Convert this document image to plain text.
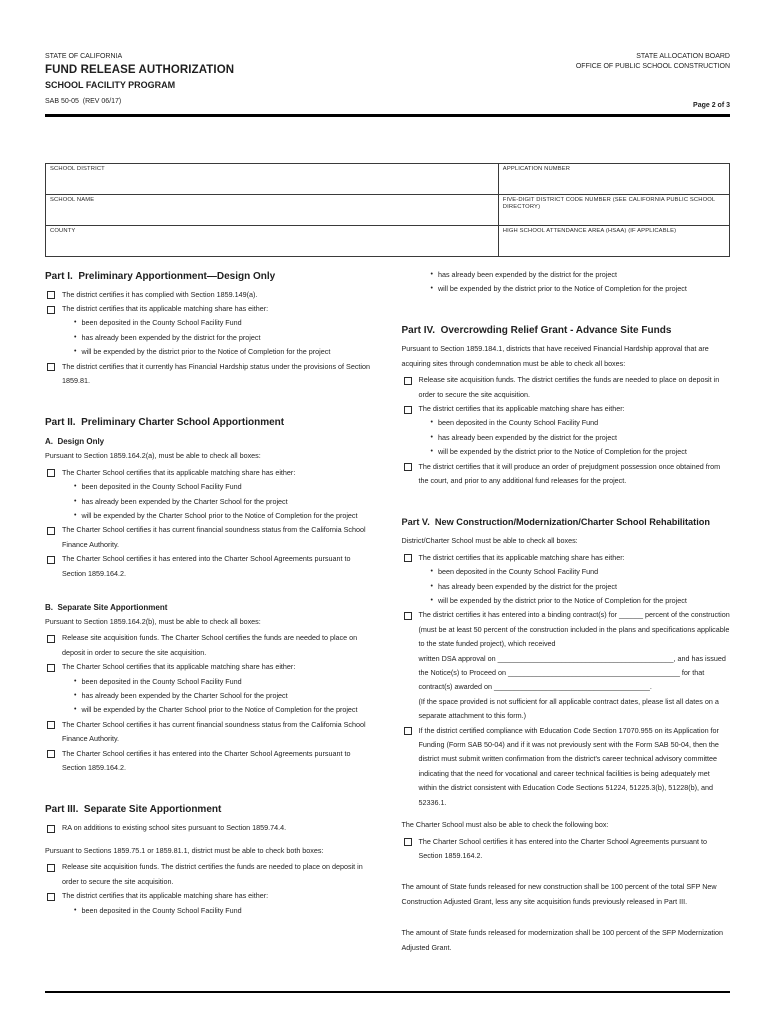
STATE OF CALIFORNIA
FUND RELEASE AUTHORIZATION
SCHOOL FACILITY PROGRAM
SAB 50-05  (REV 06/17)
STATE ALLOCATION BOARD
OFFICE OF PUBLIC SCHOOL CONSTRUCTION
Page 2 of 3
SCHOOL DISTRICT	APPLICATION NUMBER

SCHOOL NAME	FIVE-DIGIT DISTRICT CODE NUMBER (SEE CALIFORNIA PUBLIC SCHOOL DIRECTORY)

COUNTY	HIGH SCHOOL ATTENDANCE AREA (HSAA) (IF APPLICABLE)
Part I.  Preliminary Apportionment—Design Only
The district certifies it has complied with Section 1859.149(a).
The district certifies that its applicable matching share has either:
• been deposited in the County School Facility Fund
• has already been expended by the district for the project
• will be expended by the district prior to the Notice of Completion for the project
The district certifies that it currently has Financial Hardship status under the provisions of Section 1859.81.
Part II.  Preliminary Charter School Apportionment
A.  Design Only
Pursuant to Section 1859.164.2(a), must be able to check all boxes:
The Charter School certifies that its applicable matching share has either:
• been deposited in the County School Facility Fund
• has already been expended by the Charter School for the project
• will be expended by the Charter School prior to the Notice of Completion for the project
The Charter School certifies it has current financial soundness status from the California School Finance Authority.
The Charter School certifies it has entered into the Charter School Agreements pursuant to Section 1859.164.2.
B.  Separate Site Apportionment
Pursuant to Section 1859.164.2(b), must be able to check all boxes:
Release site acquisition funds. The Charter School certifies the funds are needed to place on deposit in order to secure the site acquisition.
The Charter School certifies that its applicable matching share has either:
• been deposited in the County School Facility Fund
• has already been expended by the Charter School for the project
• will be expended by the Charter School prior to the Notice of Completion for the project
The Charter School certifies it has current financial soundness status from the California School Finance Authority.
The Charter School certifies it has entered into the Charter School Agreements pursuant to Section 1859.164.2.
Part III.  Separate Site Apportionment
RA on additions to existing school sites pursuant to Section 1859.74.4.
Pursuant to Sections 1859.75.1 or 1859.81.1, district must be able to check both boxes:
Release site acquisition funds. The district certifies the funds are needed to place on deposit in order to secure the site acquisition.
The district certifies that its applicable matching share has either:
• been deposited in the County School Facility Fund
• has already been expended by the district for the project
• will be expended by the district prior to the Notice of Completion for the project
Part IV.  Overcrowding Relief Grant - Advance Site Funds
Pursuant to Section 1859.184.1, districts that have received Financial Hardship approval that are acquiring sites through condemnation must be able to check all boxes:
Release site acquisition funds. The district certifies the funds are needed to place on deposit in order to secure the site acquisition.
The district certifies that its applicable matching share has either:
• been deposited in the County School Facility Fund
• has already been expended by the district for the project
• will be expended by the district prior to the Notice of Completion for the project
The district certifies that it will produce an order of prejudgment possession once obtained from the court, and prior to any additional fund releases for the project.
Part V.  New Construction/Modernization/Charter School Rehabilitation
District/Charter School must be able to check all boxes:
The district certifies that its applicable matching share has either:
• been deposited in the County School Facility Fund
• has already been expended by the district for the project
• will be expended by the district prior to the Notice of Completion for the project
The district certifies it has entered into a binding contract(s) for ______ percent of the construction (must be at least 50 percent of the construction included in the plans and specifications applicable to the state funded project), which received
written DSA approval on ____________________________________________, and has issued
the Notice(s) to Proceed on ___________________________________________ for that
contract(s) awarded on _______________________________________.
(If the space provided is not sufficient for all applicable contract dates, please list all dates on a separate attachment to this form.)
If the district certified compliance with Education Code Section 17070.955 on its Application for Funding (Form SAB 50-04) and if it was not previously sent with the Form SAB 50-04, then the district must submit written confirmation from the district's career technical advisory committee indicating that the need for vocational and career technical facilities is being adequately met within the district consistent with Education Code Sections 51224, 51225.3(b), 51228(b), and 52336.1.
The Charter School must also be able to check the following box:
The Charter School certifies it has entered into the Charter School Agreements pursuant to Section 1859.164.2.
The amount of State funds released for new construction shall be 100 percent of the total SFP New Construction Adjusted Grant, less any site acquisition funds previously released in Part III.
The amount of State funds released for modernization shall be 100 percent of the SFP Modernization Adjusted Grant.
